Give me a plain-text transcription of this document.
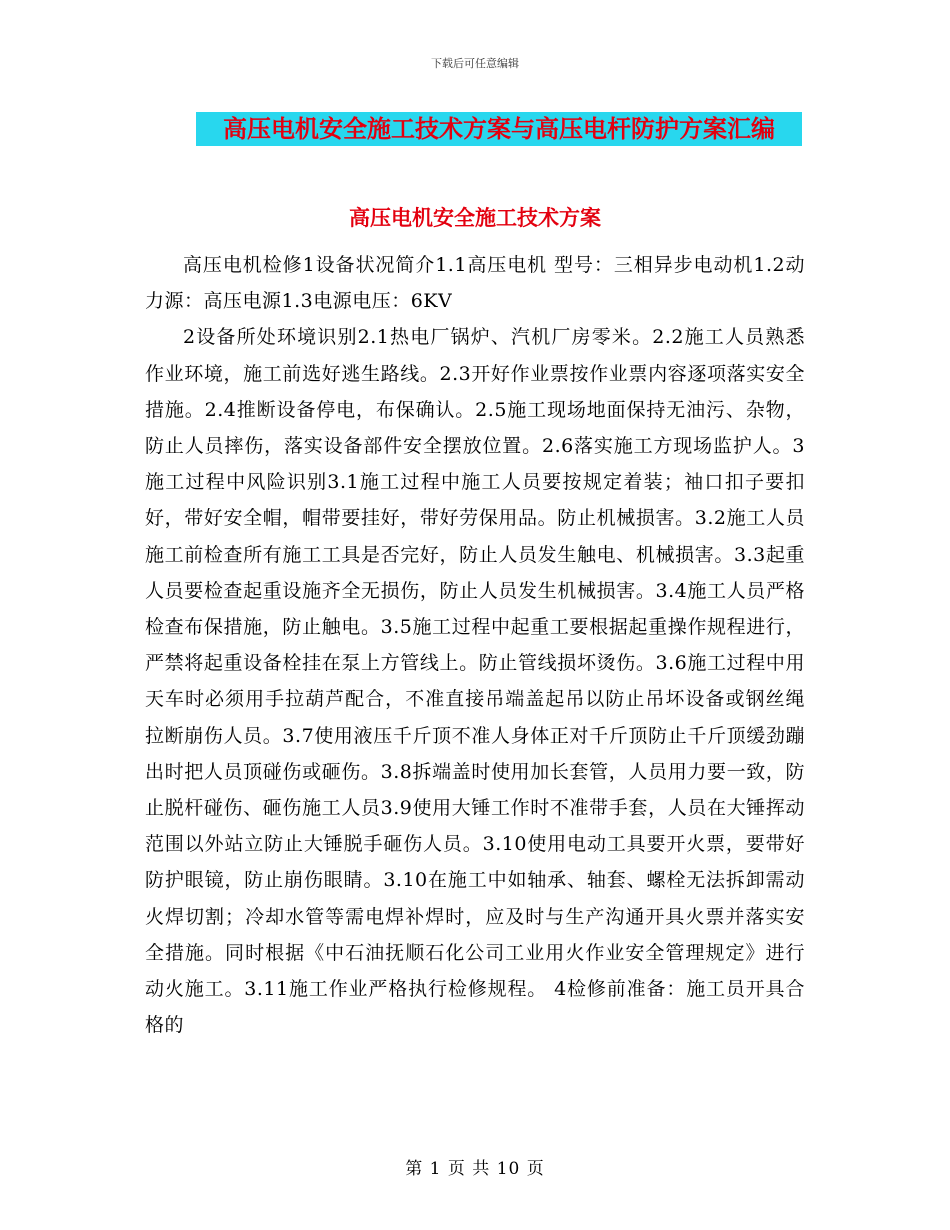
下载后可任意编辑
高压电机安全施工技术方案与高压电杆防护方案汇编
高压电机安全施工技术方案

高压电机检修1设备状况简介1.1高压电机 型号：三相异步电动机1.2动力源：高压电源1.3电源电压：6KV

2设备所处环境识别2.1热电厂锅炉、汽机厂房零米。2.2施工人员熟悉作业环境，施工前选好逃生路线。2.3开好作业票按作业票内容逐项落实安全措施。2.4推断设备停电，布保确认。2.5施工现场地面保持无油污、杂物，防止人员摔伤，落实设备部件安全摆放位置。2.6落实施工方现场监护人。3施工过程中风险识别3.1施工过程中施工人员要按规定着装；袖口扣子要扣好，带好安全帽，帽带要挂好，带好劳保用品。防止机械损害。3.2施工人员施工前检查所有施工工具是否完好，防止人员发生触电、机械损害。3.3起重人员要检查起重设施齐全无损伤，防止人员发生机械损害。3.4施工人员严格检查布保措施，防止触电。3.5施工过程中起重工要根据起重操作规程进行，严禁将起重设备栓挂在泵上方管线上。防止管线损坏烫伤。3.6施工过程中用天车时必须用手拉葫芦配合，不准直接吊端盖起吊以防止吊坏设备或钢丝绳拉断崩伤人员。3.7使用液压千斤顶不准人身体正对千斤顶防止千斤顶缓劲蹦出时把人员顶碰伤或砸伤。3.8拆端盖时使用加长套管，人员用力要一致，防止脱杆碰伤、砸伤施工人员3.9使用大锤工作时不准带手套，人员在大锤挥动范围以外站立防止大锤脱手砸伤人员。3.10使用电动工具要开火票，要带好防护眼镜，防止崩伤眼睛。3.10在施工中如轴承、轴套、螺栓无法拆卸需动火焊切割；冷却水管等需电焊补焊时，应及时与生产沟通开具火票并落实安全措施。同时根据《中石油抚顺石化公司工业用火作业安全管理规定》进行动火施工。3.11施工作业严格执行检修规程。 4检修前准备：施工员开具合格的

第 1 页 共 10 页
